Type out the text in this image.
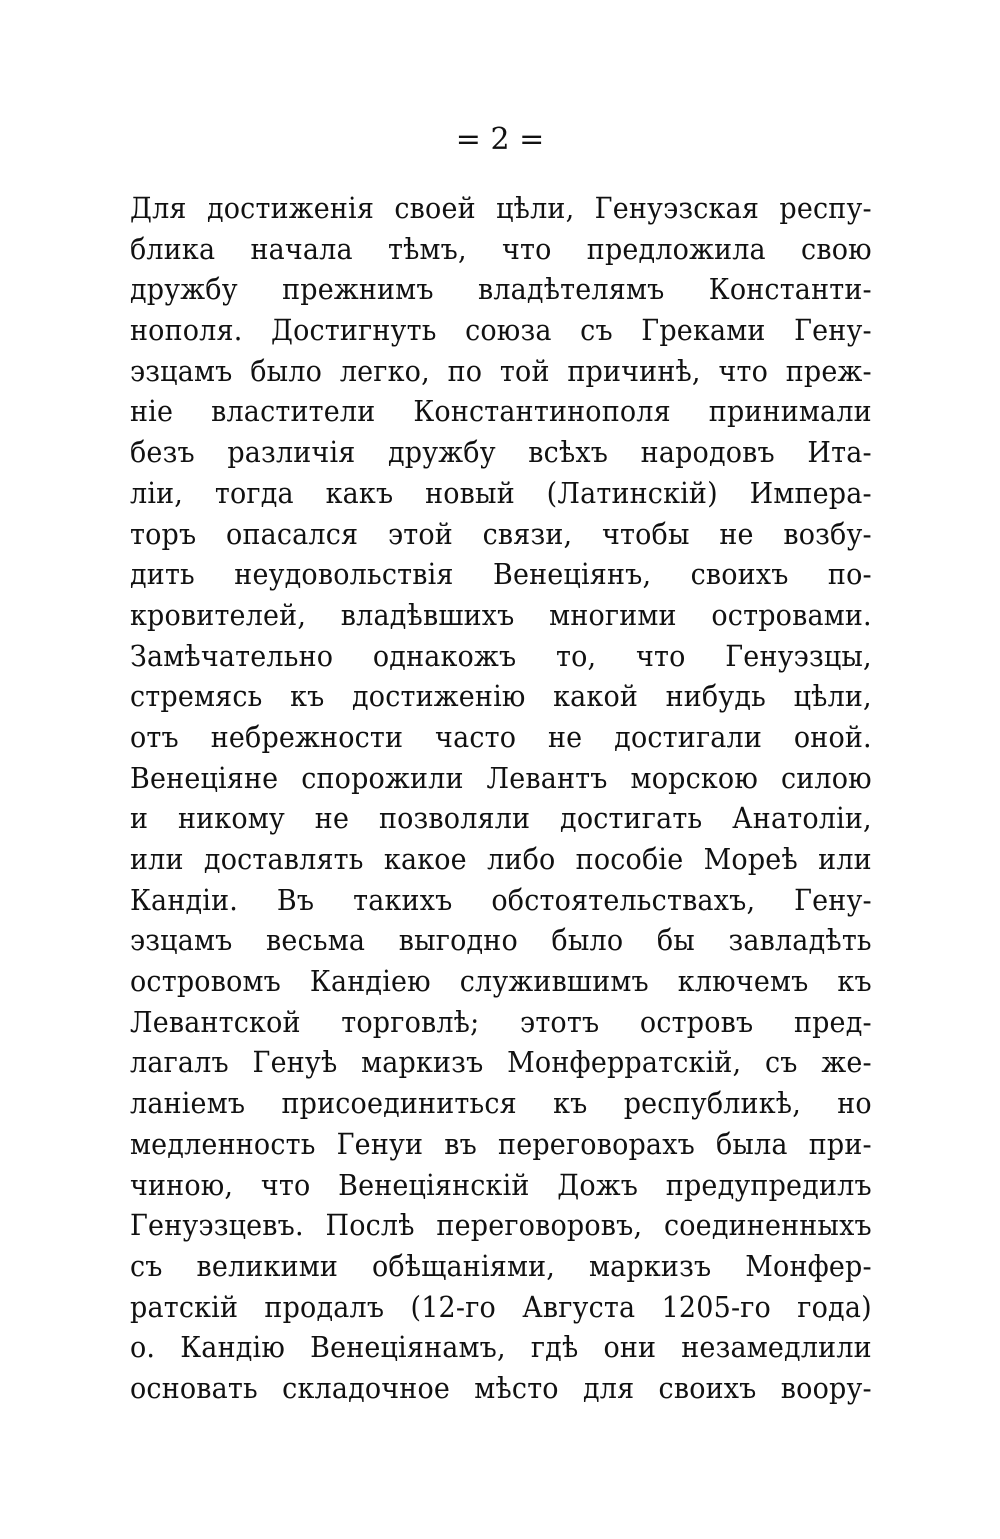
= 2 =
Для достиженія своей цѣли, Генуэзская респу-
блика начала тѣмъ, что предложила свою
дружбу прежнимъ владѣтелямъ Константи-
нополя. Достигнуть союза съ Греками Гену-
эзцамъ было легко, по той причинѣ, что преж-
ніе властители Константинополя принимали
безъ различія дружбу всѣхъ народовъ Ита-
ліи, тогда какъ новый (Латинскій) Импера-
торъ опасался этой связи, чтобы не возбу-
дить неудовольствія Венеціянъ, своихъ по-
кровителей, владѣвшихъ многими островами.
Замѣчательно однакожъ то, что Генуэзцы,
стремясь къ достиженію какой нибудь цѣли,
отъ небрежности часто не достигали оной.
Венеціяне спорожили Левантъ морскою силою
и никому не позволяли достигать Анатоліи,
или доставлять какое либо пособіе Мореѣ или
Кандіи. Въ такихъ обстоятельствахъ, Гену-
эзцамъ весьма выгодно было бы завладѣть
островомъ Кандіею служившимъ ключемъ къ
Левантской торговлѣ; этотъ островъ пред-
лагалъ Генуѣ маркизъ Монферратскій, съ же-
ланіемъ присоединиться къ республикѣ, но
медленность Генуи въ переговорахъ была при-
чиною, что Венеціянскій Дожъ предупредилъ
Генуэзцевъ. Послѣ переговоровъ, соединенныхъ
съ великими обѣщаніями, маркизъ Монфер-
ратскій продалъ (12-го Августа 1205-го года)
о. Кандію Венеціянамъ, гдѣ они незамедлили
основать складочное мѣсто для своихъ вооpу-
